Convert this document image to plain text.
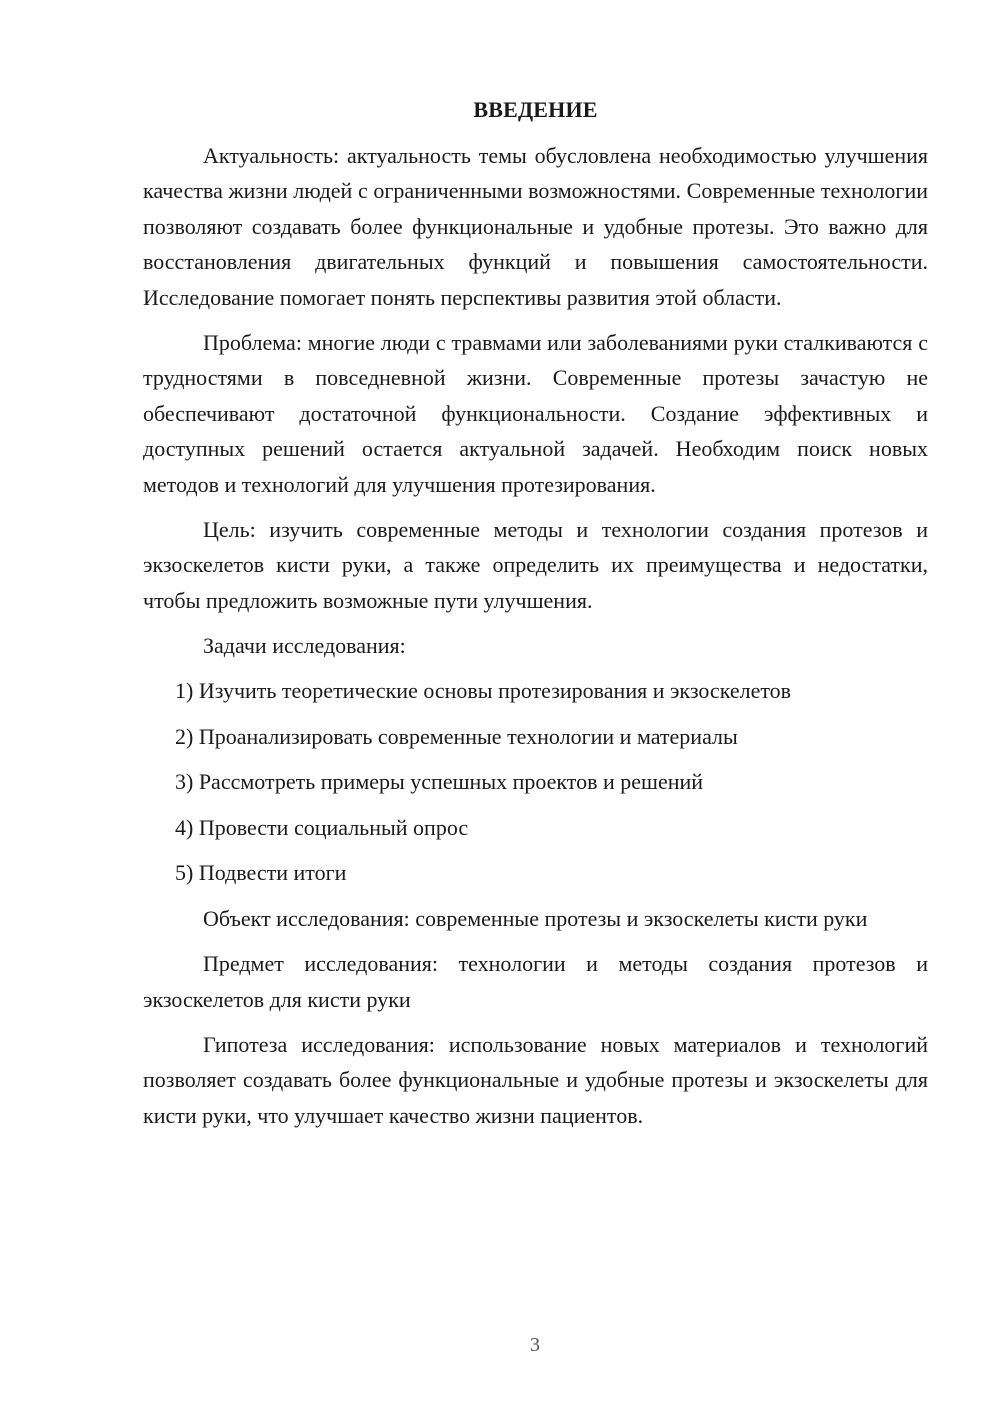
ВВЕДЕНИЕ

Актуальность: актуальность темы обусловлена необходимостью улучшения качества жизни людей с ограниченными возможностями. Современные технологии позволяют создавать более функциональные и удобные протезы. Это важно для восстановления двигательных функций и повышения самостоятельности. Исследование помогает понять перспективы развития этой области.

Проблема: многие люди с травмами или заболеваниями руки сталкиваются с трудностями в повседневной жизни. Современные протезы зачастую не обеспечивают достаточной функциональности. Создание эффективных и доступных решений остается актуальной задачей. Необходим поиск новых методов и технологий для улучшения протезирования.

Цель: изучить современные методы и технологии создания протезов и экзоскелетов кисти руки, а также определить их преимущества и недостатки, чтобы предложить возможные пути улучшения.

Задачи исследования:

1) Изучить теоретические основы протезирования и экзоскелетов
2) Проанализировать современные технологии и материалы
3) Рассмотреть примеры успешных проектов и решений
4) Провести социальный опрос
5) Подвести итоги

Объект исследования: современные протезы и экзоскелеты кисти руки

Предмет исследования: технологии и методы создания протезов и экзоскелетов для кисти руки

Гипотеза исследования: использование новых материалов и технологий позволяет создавать более функциональные и удобные протезы и экзоскелеты для кисти руки, что улучшает качество жизни пациентов.

3
